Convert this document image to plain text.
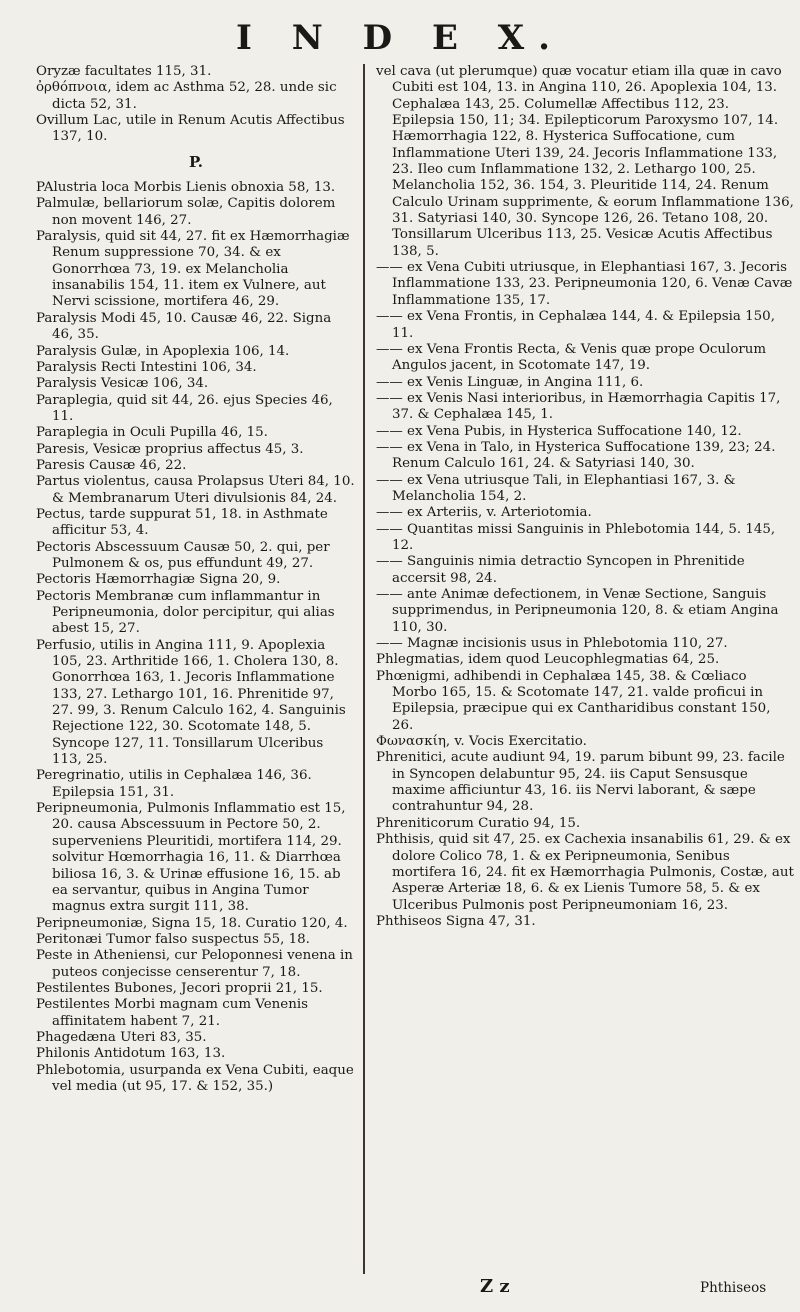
I N D E X.

Oryzæ facultates 115, 31.

ὀρθόπνοια, idem ac Asthma 52, 28. unde sic dicta 52, 31.

Ovillum Lac, utile in Renum Acutis Affectibus 137, 10.

P.

PAlustria loca Morbis Lienis obnoxia 58, 13.

Palmulæ, bellariorum solæ, Capitis dolorem non movent 146, 27.

Paralysis, quid sit 44, 27. fit ex Hæmorrhagiæ Renum suppressione 70, 34. & ex Gonorrhœa 73, 19. ex Melancholia insanabilis 154, 11. item ex Vulnere, aut Nervi scissione, mortifera 46, 29.

Paralysis Modi 45, 10. Causæ 46, 22. Signa 46, 35.

Paralysis Gulæ, in Apoplexia 106, 14.

Paralysis Recti Intestini 106, 34.

Paralysis Vesicæ 106, 34.

Paraplegia, quid sit 44, 26. ejus Species 46, 11.

Paraplegia in Oculi Pupilla 46, 15.

Paresis, Vesicæ proprius affectus 45, 3.

Paresis Causæ 46, 22.

Partus violentus, causa Prolapsus Uteri 84, 10. & Membranarum Uteri divulsionis 84, 24.

Pectus, tarde suppurat 51, 18. in Asthmate afficitur 53, 4.

Pectoris Abscessuum Causæ 50, 2. qui, per Pulmonem & os, pus effundunt 49, 27.

Pectoris Hæmorrhagiæ Signa 20, 9.

Pectoris Membranæ cum inflammantur in Peripneumonia, dolor percipitur, qui alias abest 15, 27.

Perfusio, utilis in Angina 111, 9. Apoplexia 105, 23. Arthritide 166, 1. Cholera 130, 8. Gonorrhœa 163, 1. Jecoris Inflammatione 133, 27. Lethargo 101, 16. Phrenitide 97, 27. 99, 3. Renum Calculo 162, 4. Sanguinis Rejectione 122, 30. Scotomate 148, 5. Syncope 127, 11. Tonsillarum Ulceribus 113, 25.

Peregrinatio, utilis in Cephalæa 146, 36. Epilepsia 151, 31.

Peripneumonia, Pulmonis Inflammatio est 15, 20. causa Abscessuum in Pectore 50, 2. superveniens Pleuritidi, mortifera 114, 29. solvitur Hœmorrhagia 16, 11. & Diarrhœa biliosa 16, 3. & Urinæ effusione 16, 15. ab ea servantur, quibus in Angina Tumor magnus extra surgit 111, 38.

Peripneumoniæ, Signa 15, 18. Curatio 120, 4.

Peritonæi Tumor falso suspectus 55, 18.

Peste in Atheniensi, cur Peloponnesi venena in puteos conjecisse censerentur 7, 18.

Pestilentes Bubones, Jecori proprii 21, 15.

Pestilentes Morbi magnam cum Venenis affinitatem habent 7, 21.

Phagedæna Uteri 83, 35.

Philonis Antidotum 163, 13.

Phlebotomia, usurpanda ex Vena Cubiti, eaque vel media (ut 95, 17. & 152, 35.)

vel cava (ut plerumque) quæ vocatur etiam illa quæ in cavo Cubiti est 104, 13. in Angina 110, 26. Apoplexia 104, 13. Cephalæa 143, 25. Columellæ Affectibus 112, 23. Epilepsia 150, 11; 34. Epilepticorum Paroxysmo 107, 14. Hæmorrhagia 122, 8. Hysterica Suffocatione, cum Inflammatione Uteri 139, 24. Jecoris Inflammatione 133, 23. Ileo cum Inflammatione 132, 2. Lethargo 100, 25. Melancholia 152, 36. 154, 3. Pleuritide 114, 24. Renum Calculo Urinam supprimente, & eorum Inflammatione 136, 31. Satyriasi 140, 30. Syncope 126, 26. Tetano 108, 20. Tonsillarum Ulceribus 113, 25. Vesicæ Acutis Affectibus 138, 5.

—— ex Vena Cubiti utriusque, in Elephantiasi 167, 3. Jecoris Inflammatione 133, 23. Peripneumonia 120, 6. Venæ Cavæ Inflammatione 135, 17.

—— ex Vena Frontis, in Cephalæa 144, 4. & Epilepsia 150, 11.

—— ex Vena Frontis Recta, & Venis quæ prope Oculorum Angulos jacent, in Scotomate 147, 19.

—— ex Venis Linguæ, in Angina 111, 6.

—— ex Venis Nasi interioribus, in Hæmorrhagia Capitis 17, 37. & Cephalæa 145, 1.

—— ex Vena Pubis, in Hysterica Suffocatione 140, 12.

—— ex Vena in Talo, in Hysterica Suffocatione 139, 23; 24. Renum Calculo 161, 24. & Satyriasi 140, 30.

—— ex Vena utriusque Tali, in Elephantiasi 167, 3. & Melancholia 154, 2.

—— ex Arteriis, v. Arteriotomia.

—— Quantitas missi Sanguinis in Phlebotomia 144, 5. 145, 12.

—— Sanguinis nimia detractio Syncopen in Phrenitide accersit 98, 24.

—— ante Animæ defectionem, in Venæ Sectione, Sanguis supprimendus, in Peripneumonia 120, 8. & etiam Angina 110, 30.

—— Magnæ incisionis usus in Phlebotomia 110, 27.

Phlegmatias, idem quod Leucophlegmatias 64, 25.

Phœnigmi, adhibendi in Cephalæa 145, 38. & Cœliaco Morbo 165, 15. & Scotomate 147, 21. valde proficui in Epilepsia, præcipue qui ex Cantharidibus constant 150, 26.

Φωνασκίη, v. Vocis Exercitatio.

Phrenitici, acute audiunt 94, 19. parum bibunt 99, 23. facile in Syncopen delabuntur 95, 24. iis Caput Sensusque maxime afficiuntur 43, 16. iis Nervi laborant, & sæpe contrahuntur 94, 28.

Phreniticorum Curatio 94, 15.

Phthisis, quid sit 47, 25. ex Cachexia insanabilis 61, 29. & ex dolore Colico 78, 1. & ex Peripneumonia, Senibus mortifera 16, 24. fit ex Hæmorrhagia Pulmonis, Costæ, aut Asperæ Arteriæ 18, 6. & ex Lienis Tumore 58, 5. & ex Ulceribus Pulmonis post Peripneumoniam 16, 23.

Phthiseos Signa 47, 31.

Z z	Phthiseos
